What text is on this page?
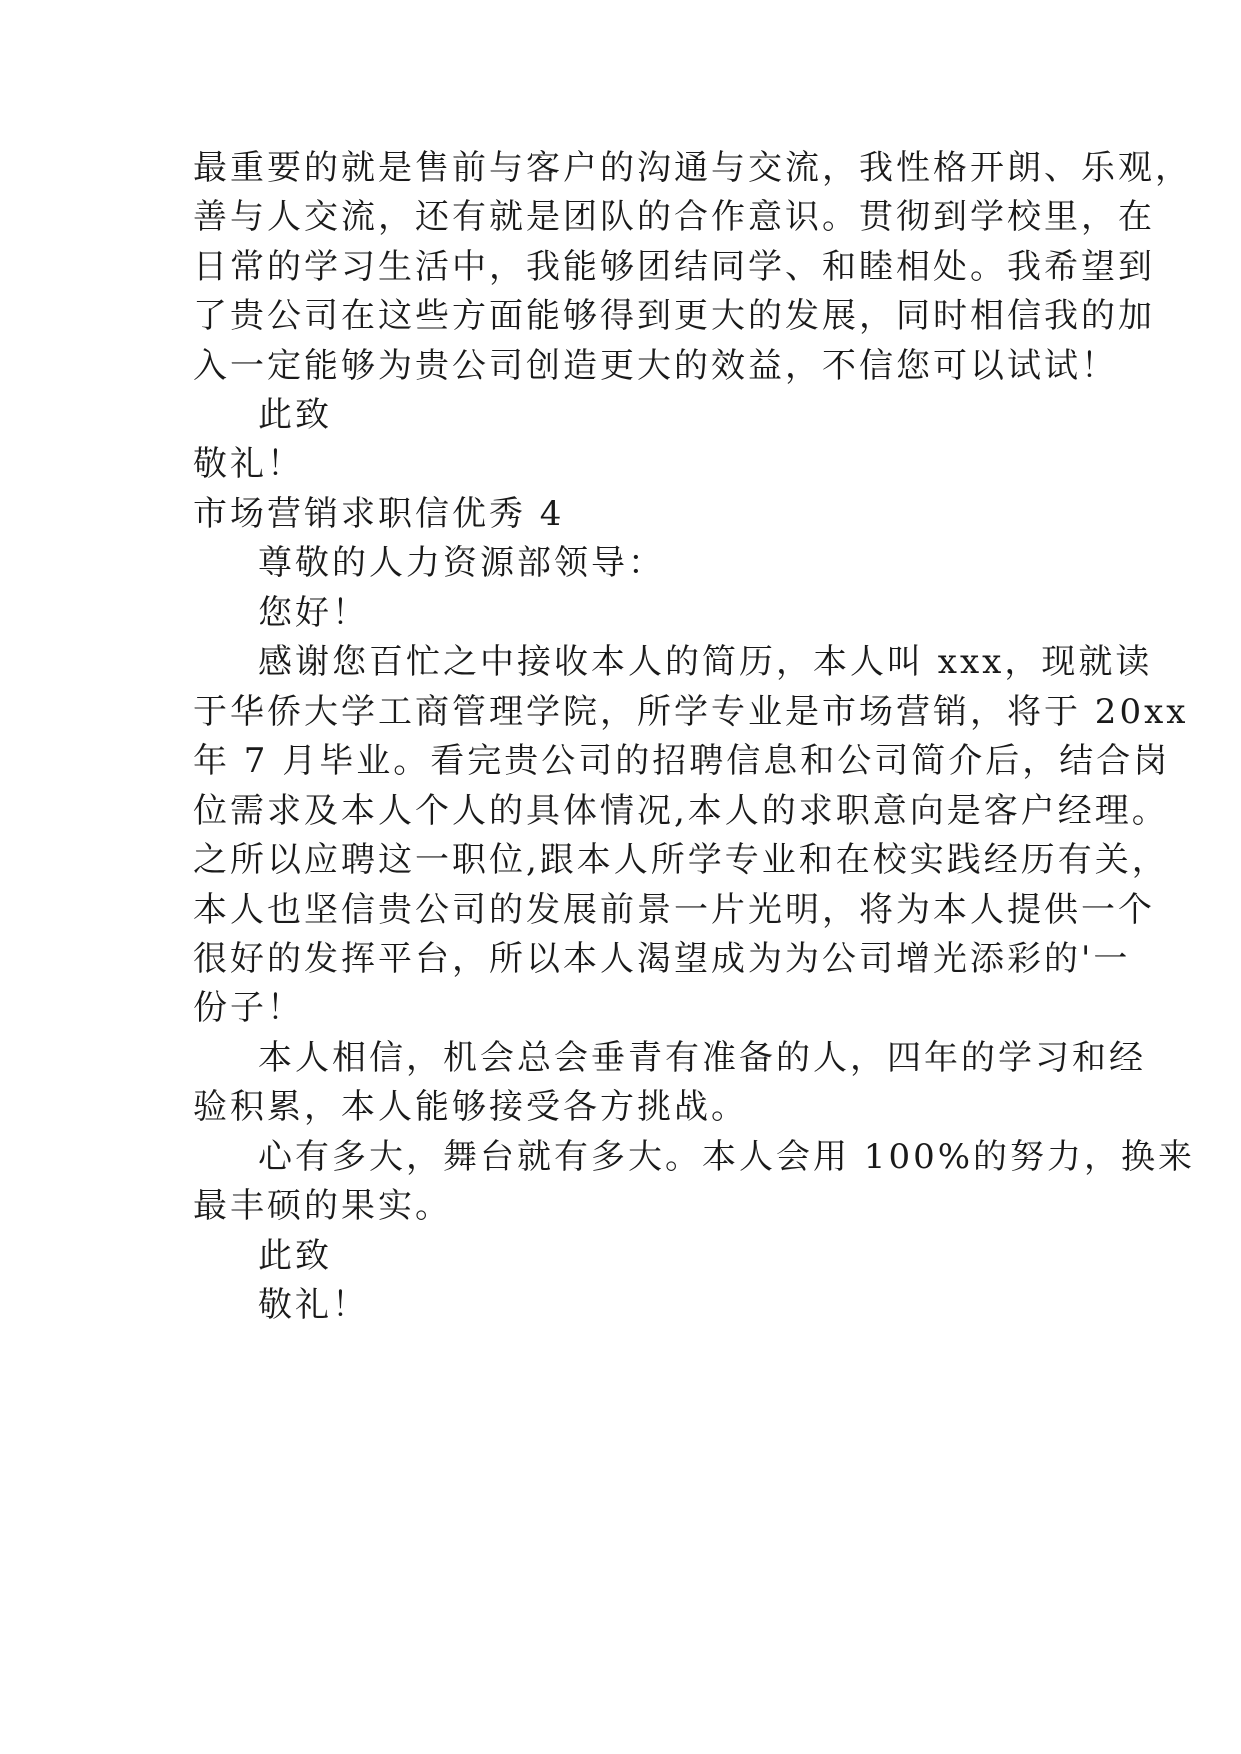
最重要的就是售前与客户的沟通与交流，我性格开朗、乐观，
善与人交流，还有就是团队的合作意识。贯彻到学校里，在
日常的学习生活中，我能够团结同学、和睦相处。我希望到
了贵公司在这些方面能够得到更大的发展，同时相信我的加
入一定能够为贵公司创造更大的效益，不信您可以试试！
此致
敬礼！
市场营销求职信优秀 4
尊敬的人力资源部领导：
您好！
感谢您百忙之中接收本人的简历，本人叫 xxx，现就读
于华侨大学工商管理学院，所学专业是市场营销，将于 20xx
年 7 月毕业。看完贵公司的招聘信息和公司简介后，结合岗
位需求及本人个人的具体情况,本人的求职意向是客户经理。
之所以应聘这一职位,跟本人所学专业和在校实践经历有关，
本人也坚信贵公司的发展前景一片光明，将为本人提供一个
很好的发挥平台，所以本人渴望成为为公司增光添彩的'一
份子！
本人相信，机会总会垂青有准备的人，四年的学习和经
验积累，本人能够接受各方挑战。
心有多大，舞台就有多大。本人会用 100%的努力，换来
最丰硕的果实。
此致
敬礼！
